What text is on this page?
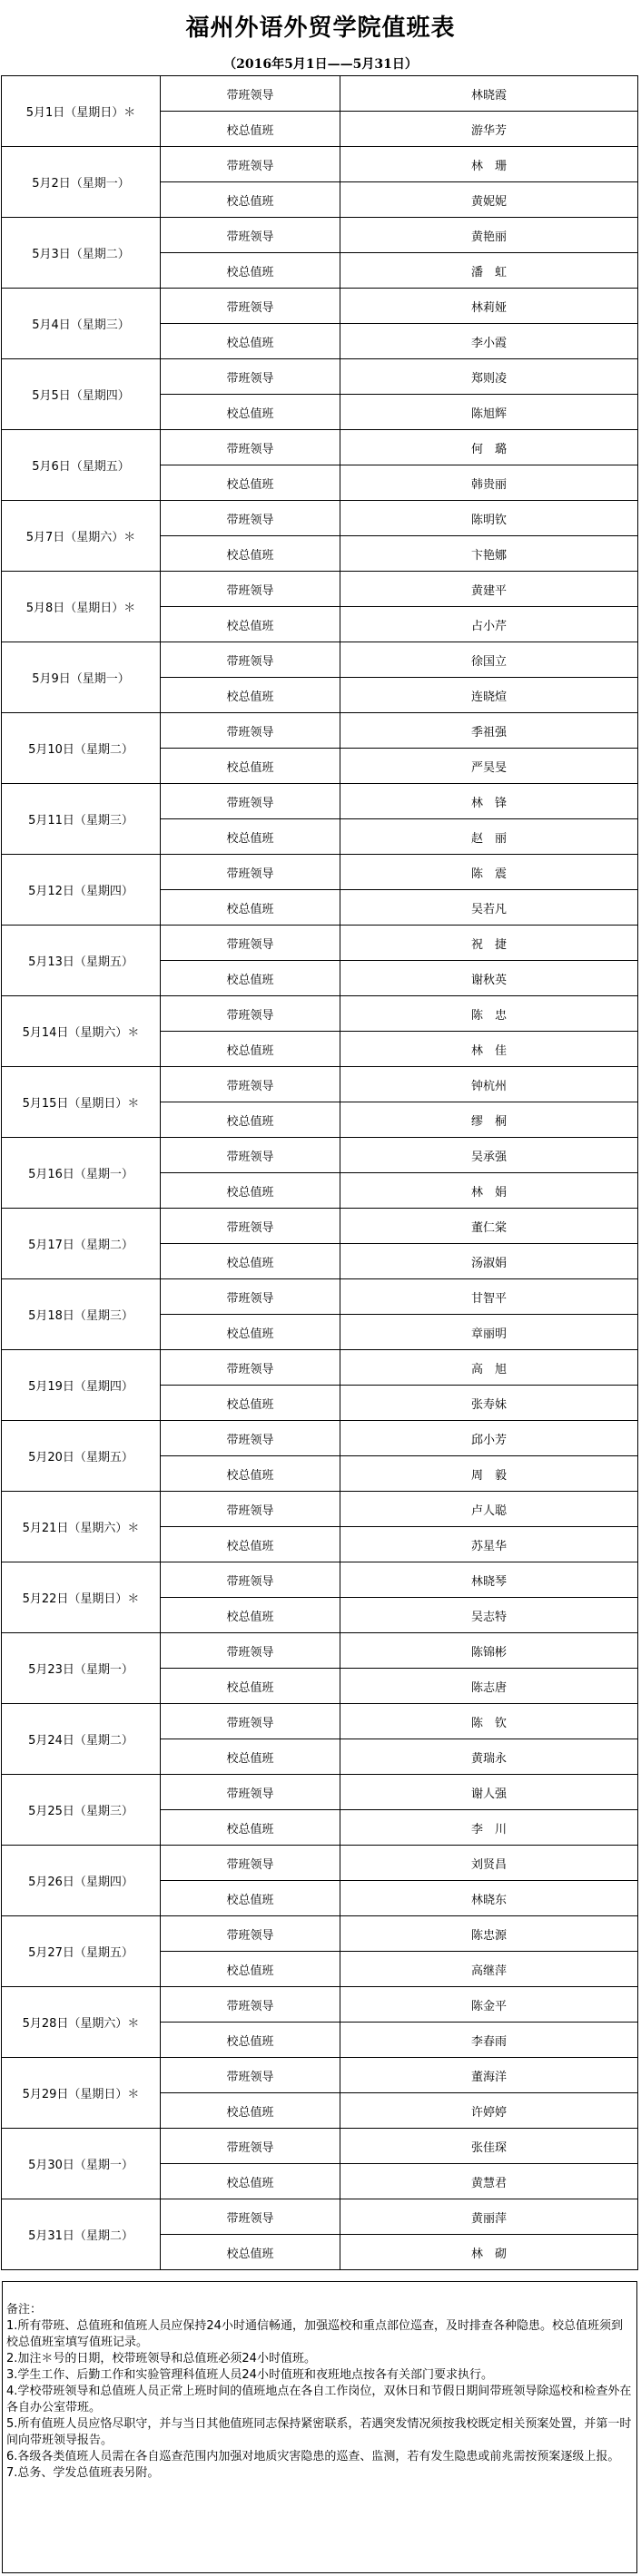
福州外语外贸学院值班表
（2016年5月1日——5月31日）
5月1日（星期日）＊	带班领导	林晓霞
	校总值班	游华芳
5月2日（星期一）	带班领导	林　珊
	校总值班	黄妮妮
5月3日（星期二）	带班领导	黄艳丽
	校总值班	潘　虹
5月4日（星期三）	带班领导	林莉娅
	校总值班	李小霞
5月5日（星期四）	带班领导	郑则凌
	校总值班	陈旭辉
5月6日（星期五）	带班领导	何　璐
	校总值班	韩贵丽
5月7日（星期六）＊	带班领导	陈明钦
	校总值班	卞艳娜
5月8日（星期日）＊	带班领导	黄建平
	校总值班	占小芹
5月9日（星期一）	带班领导	徐国立
	校总值班	连晓煊
5月10日（星期二）	带班领导	季祖强
	校总值班	严昊旻
5月11日（星期三）	带班领导	林　锋
	校总值班	赵　丽
5月12日（星期四）	带班领导	陈　震
	校总值班	吴若凡
5月13日（星期五）	带班领导	祝　捷
	校总值班	谢秋英
5月14日（星期六）＊	带班领导	陈　忠
	校总值班	林　佳
5月15日（星期日）＊	带班领导	钟杭州
	校总值班	缪　桐
5月16日（星期一）	带班领导	吴承强
	校总值班	林　娟
5月17日（星期二）	带班领导	董仁棠
	校总值班	汤淑娟
5月18日（星期三）	带班领导	甘智平
	校总值班	章丽明
5月19日（星期四）	带班领导	高　旭
	校总值班	张寿妹
5月20日（星期五）	带班领导	邱小芳
	校总值班	周　毅
5月21日（星期六）＊	带班领导	卢人聪
	校总值班	苏星华
5月22日（星期日）＊	带班领导	林晓琴
	校总值班	吴志特
5月23日（星期一）	带班领导	陈锦彬
	校总值班	陈志唐
5月24日（星期二）	带班领导	陈　钦
	校总值班	黄瑞永
5月25日（星期三）	带班领导	谢人强
	校总值班	李　川
5月26日（星期四）	带班领导	刘贤昌
	校总值班	林晓东
5月27日（星期五）	带班领导	陈忠源
	校总值班	高继萍
5月28日（星期六）＊	带班领导	陈金平
	校总值班	李春雨
5月29日（星期日）＊	带班领导	董海洋
	校总值班	许婷婷
5月30日（星期一）	带班领导	张佳琛
	校总值班	黄慧君
5月31日（星期二）	带班领导	黄丽萍
	校总值班	林　砌

备注：

1.所有带班、总值班和值班人员应保持24小时通信畅通，加强巡校和重点部位巡查，及时排查各种隐患。校总值班须到校总值班室填写值班记录。

2.加注＊号的日期，校带班领导和总值班必须24小时值班。

3.学生工作、后勤工作和实验管理科值班人员24小时值班和夜班地点按各有关部门要求执行。

4.学校带班领导和总值班人员正常上班时间的值班地点在各自工作岗位，双休日和节假日期间带班领导除巡校和检查外在各自办公室带班。

5.所有值班人员应恪尽职守，并与当日其他值班同志保持紧密联系，若遇突发情况须按我校既定相关预案处置，并第一时间向带班领导报告。

6.各级各类值班人员需在各自巡查范围内加强对地质灾害隐患的巡查、监测，若有发生隐患或前兆需按预案逐级上报。

7.总务、学发总值班表另附。
